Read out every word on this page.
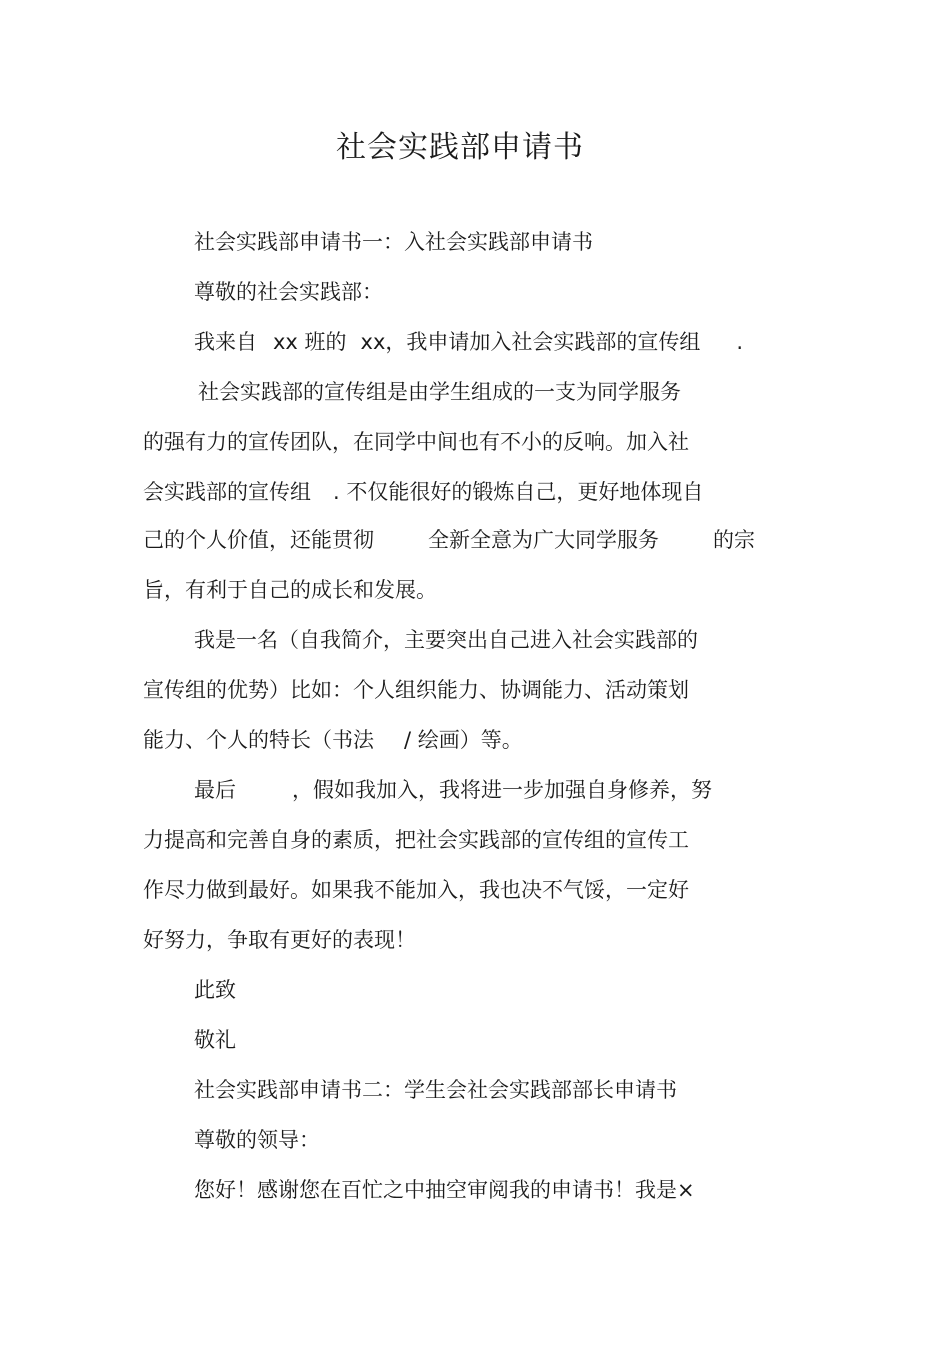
社会实践部申请书

社会实践部申请书一：入社会实践部申请书

尊敬的社会实践部：

我来自 xx 班的 xx，我申请加入社会实践部的宣传组 .

社会实践部的宣传组是由学生组成的一支为同学服务

的强有力的宣传团队，在同学中间也有不小的反响。加入社

会实践部的宣传组 . 不仅能很好的锻炼自己，更好地体现自

己的个人价值，还能贯彻	全新全意为广大同学服务	的宗

旨，有利于自己的成长和发展。

我是一名（自我简介，主要突出自己进入社会实践部的

宣传组的优势）比如：个人组织能力、协调能力、活动策划

能力、个人的特长（书法 / 绘画）等。

最后	，假如我加入，我将进一步加强自身修养，努

力提高和完善自身的素质，把社会实践部的宣传组的宣传工

作尽力做到最好。如果我不能加入，我也决不气馁，一定好

好努力，争取有更好的表现！

此致

敬礼

社会实践部申请书二：学生会社会实践部部长申请书

尊敬的领导：

您好！感谢您在百忙之中抽空审阅我的申请书！我是×
